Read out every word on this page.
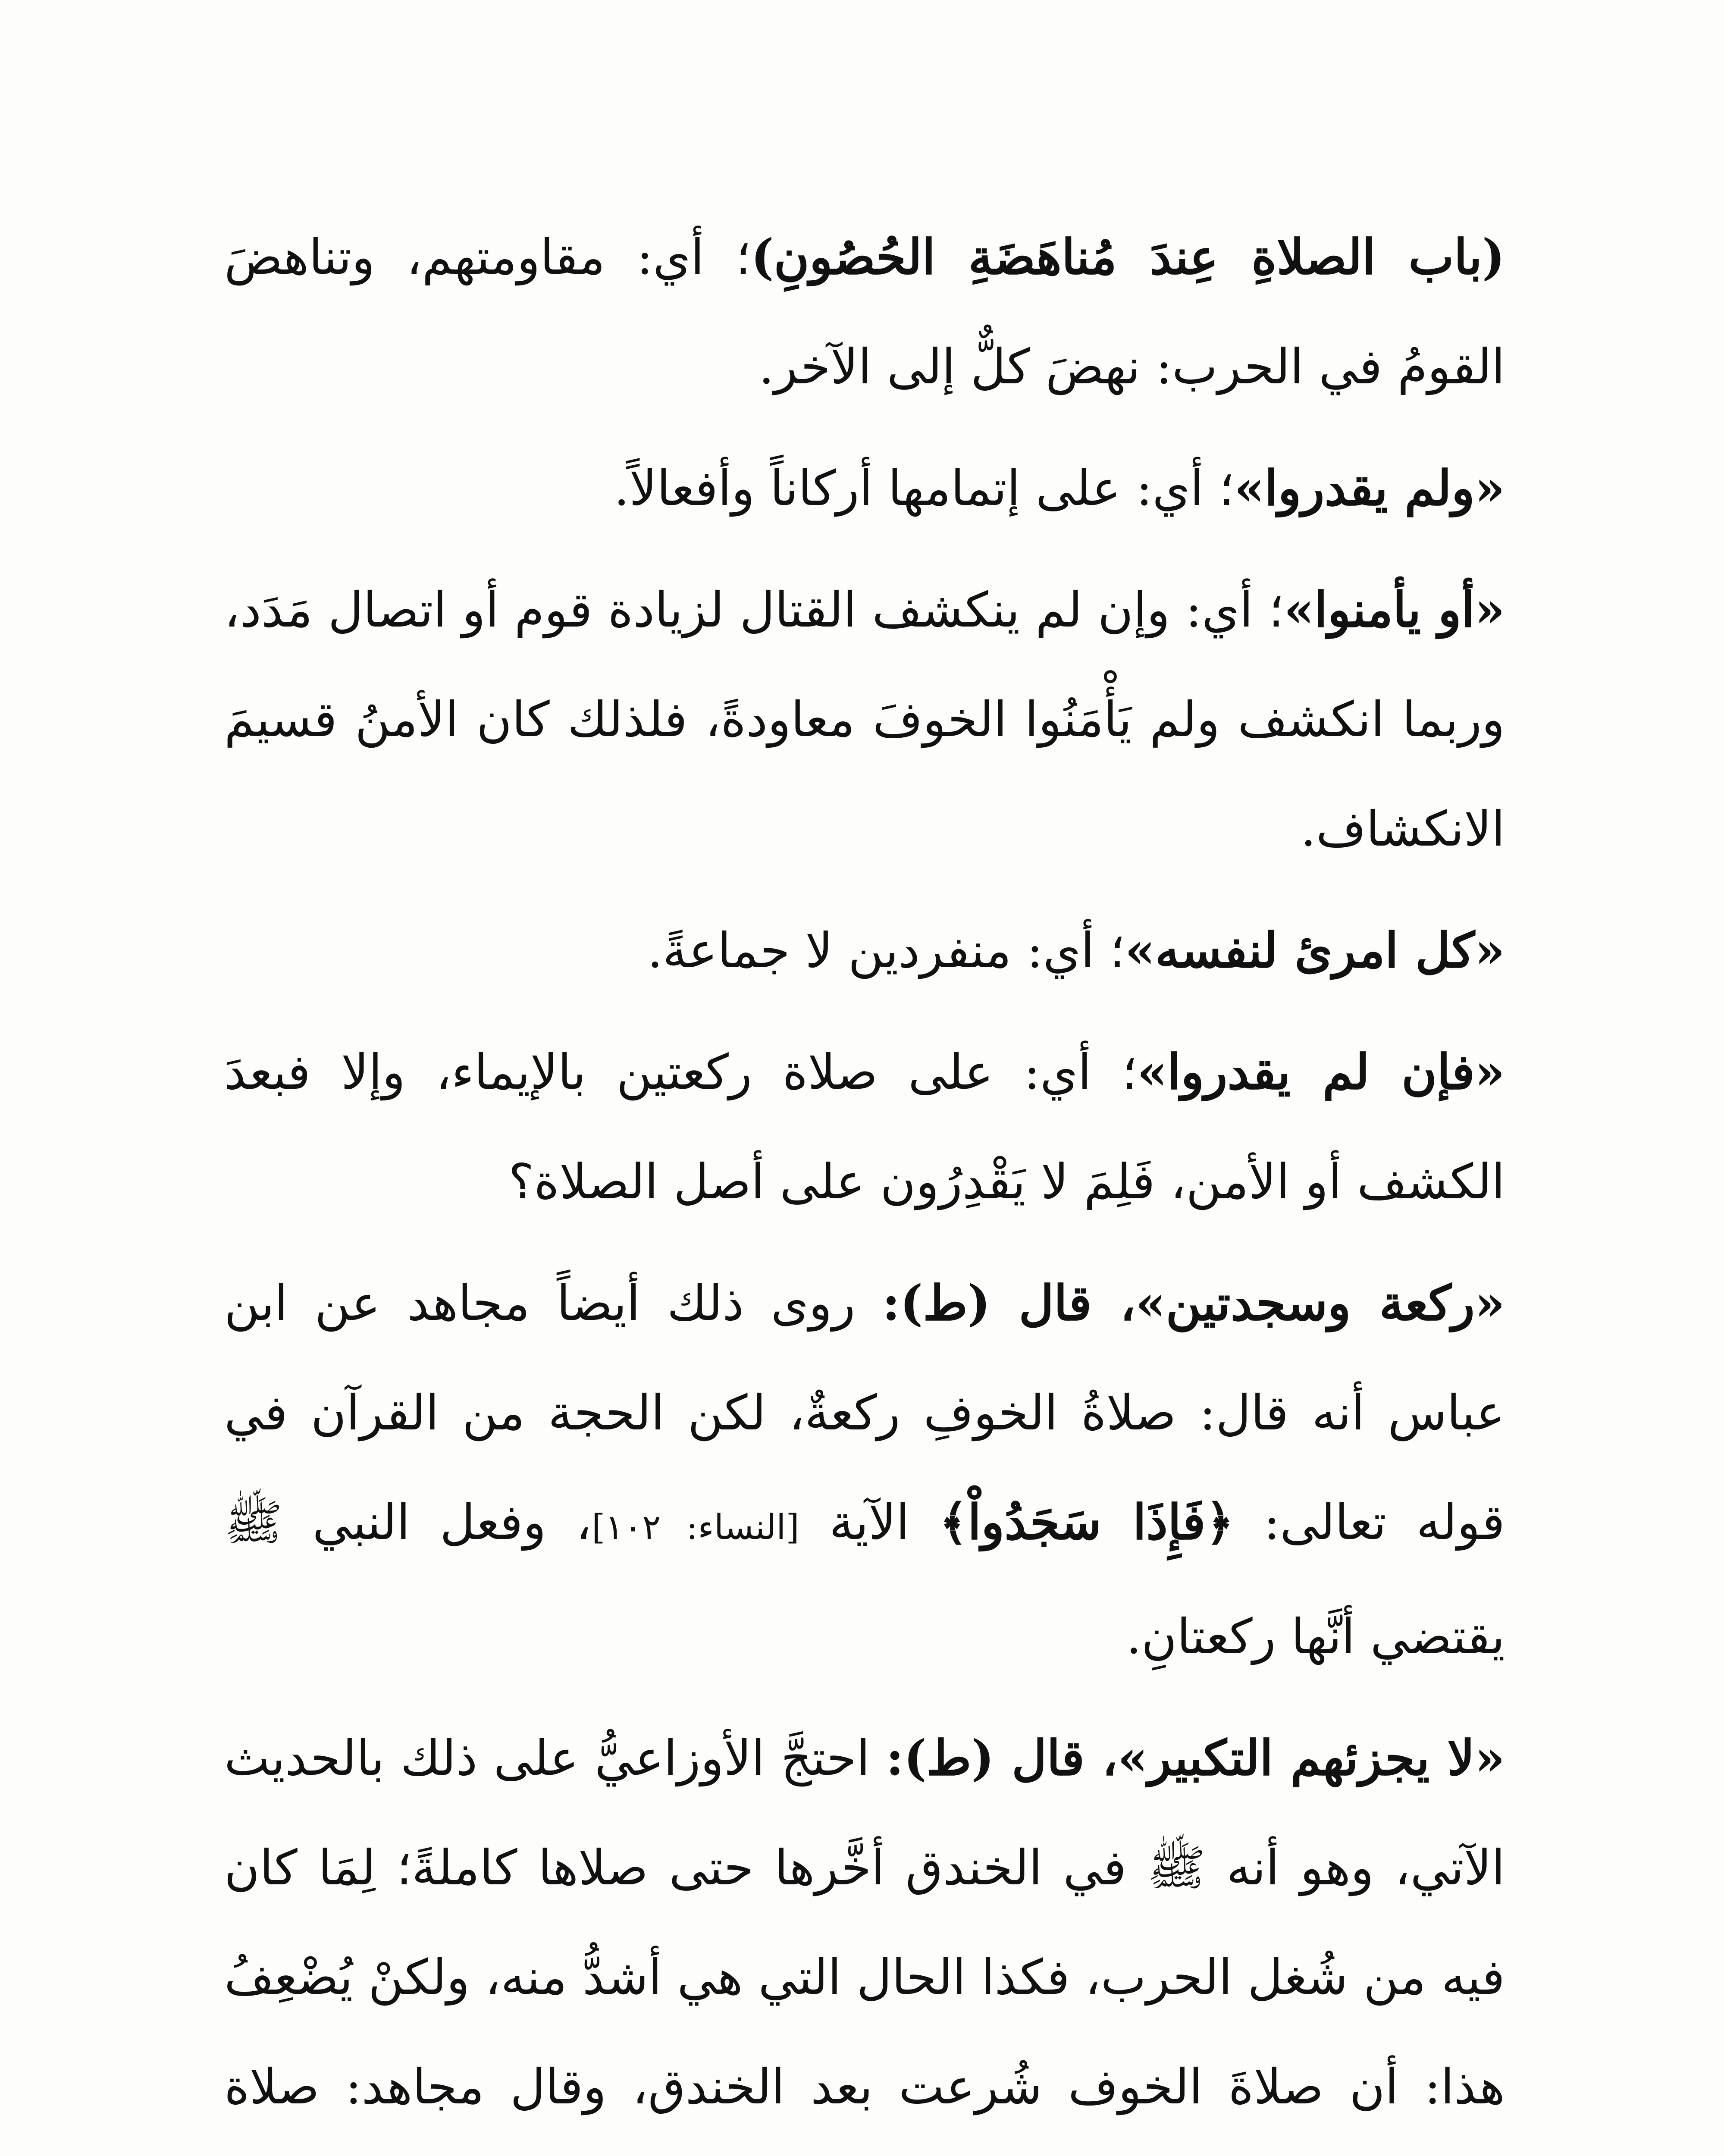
(باب الصلاةِ عِندَ مُناهَضَةِ الحُصُونِ)؛ أي: مقاومتهم، وتناهضَ القومُ في الحرب: نهضَ كلٌّ إلى الآخر.

«ولم يقدروا»؛ أي: على إتمامها أركاناً وأفعالاً.

«أو يأمنوا»؛ أي: وإن لم ينكشف القتال لزيادة قوم أو اتصال مَدَد، وربما انكشف ولم يَأْمَنُوا الخوفَ معاودةً، فلذلك كان الأمنُ قسيمَ الانكشاف.

«كل امرئ لنفسه»؛ أي: منفردين لا جماعةً.

«فإن لم يقدروا»؛ أي: على صلاة ركعتين بالإيماء، وإلا فبعدَ الكشف أو الأمن، فَلِمَ لا يَقْدِرُون على أصل الصلاة؟

«ركعة وسجدتين»، قال (ط): روى ذلك أيضاً مجاهد عن ابن عباس أنه قال: صلاةُ الخوفِ ركعةٌ، لكن الحجة من القرآن في قوله تعالى: ﴿فَإِذَا سَجَدُواْ﴾ الآية [النساء: ١٠٢]، وفعل النبي ﷺ يقتضي أنَّها ركعتانِ.

«لا يجزئهم التكبير»، قال (ط): احتجَّ الأوزاعيُّ على ذلك بالحديث الآتي، وهو أنه ﷺ في الخندق أخَّرها حتى صلاها كاملةً؛ لِمَا كان فيه من شُغل الحرب، فكذا الحال التي هي أشدُّ منه، ولكنْ يُضْعِفُ هذا: أن صلاةَ الخوف شُرعت بعد الخندق، وقال مجاهد: صلاة
